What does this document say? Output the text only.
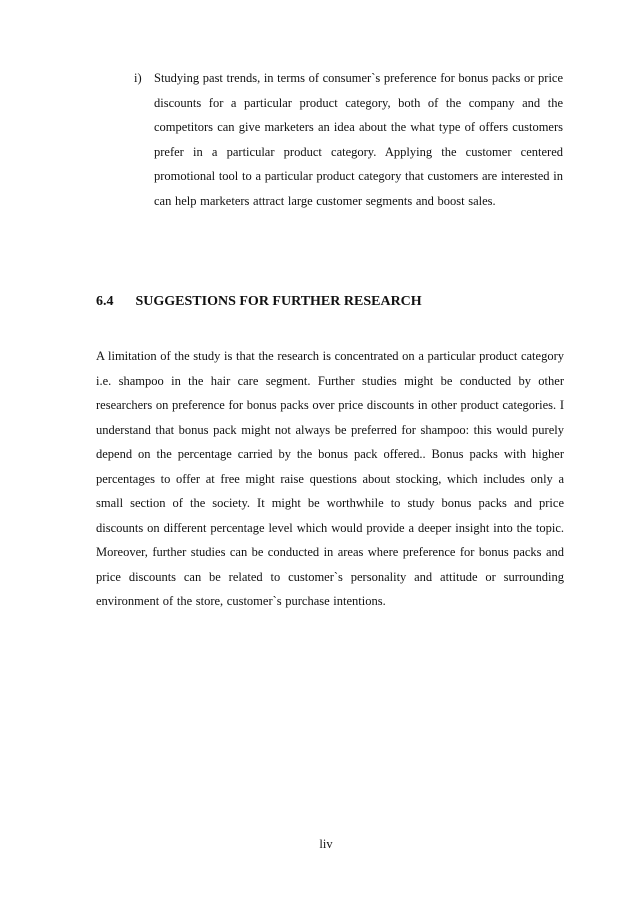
i) Studying past trends, in terms of consumer`s preference for bonus packs or price discounts for a particular product category, both of the company and the competitors can give marketers an idea about the what type of offers customers prefer in a particular product category. Applying the customer centered promotional tool to a particular product category that customers are interested in can help marketers attract large customer segments and boost sales.
6.4 SUGGESTIONS FOR FURTHER RESEARCH
A limitation of the study is that the research is concentrated on a particular product category i.e. shampoo in the hair care segment. Further studies might be conducted by other researchers on preference for bonus packs over price discounts in other product categories. I understand that bonus pack might not always be preferred for shampoo: this would purely depend on the percentage carried by the bonus pack offered.. Bonus packs with higher percentages to offer at free might raise questions about stocking, which includes only a small section of the society. It might be worthwhile to study bonus packs and price discounts on different percentage level which would provide a deeper insight into the topic. Moreover, further studies can be conducted in areas where preference for bonus packs and price discounts can be related to customer`s personality and attitude or surrounding environment of the store, customer`s purchase intentions.
liv
